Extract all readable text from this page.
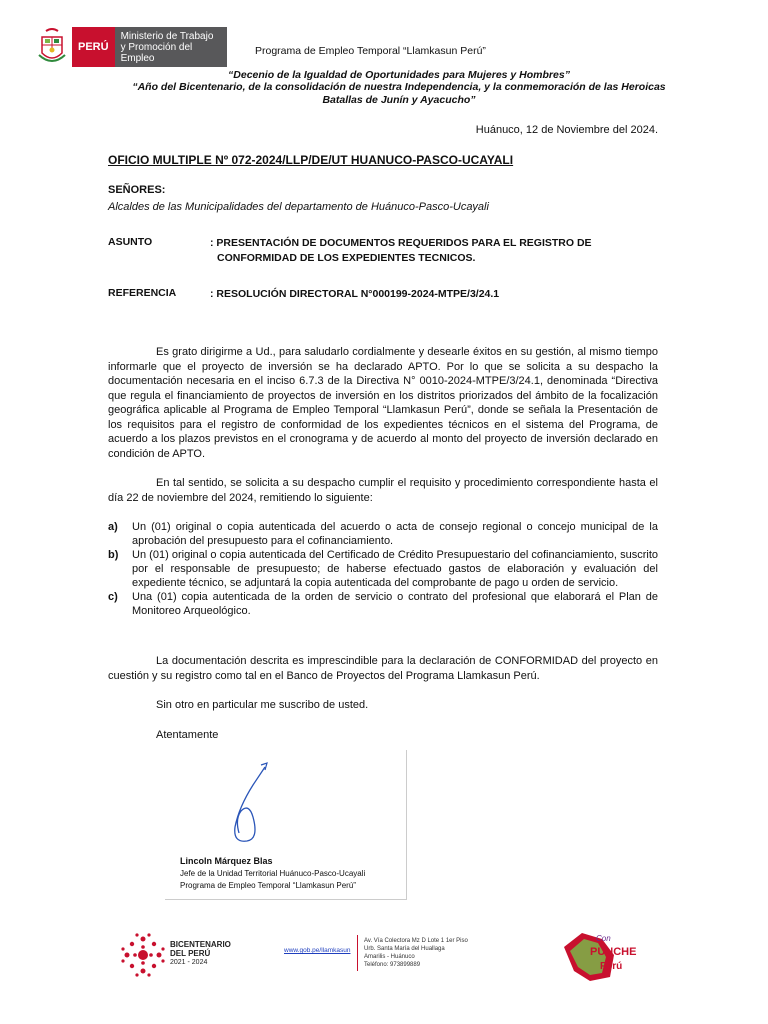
PERÚ
Ministerio de Trabajo
y Promoción del Empleo
Programa de Empleo Temporal “Llamkasun Perú”
“Decenio de la Igualdad de Oportunidades para Mujeres y Hombres”
“Año del Bicentenario, de la consolidación de nuestra Independencia, y la conmemoración de las Heroicas
Batallas de Junín y Ayacucho”
Huánuco, 12 de Noviembre del 2024.
OFICIO MULTIPLE Nº 072-2024/LLP/DE/UT HUANUCO-PASCO-UCAYALI
SEÑORES:
Alcaldes de las Municipalidades del departamento de Huánuco-Pasco-Ucayali
ASUNTO	: PRESENTACIÓN DE DOCUMENTOS REQUERIDOS PARA EL REGISTRO DE
CONFORMIDAD DE LOS EXPEDIENTES TECNICOS.
REFERENCIA	: RESOLUCIÓN DIRECTORAL N°000199-2024-MTPE/3/24.1
Es grato dirigirme a Ud., para saludarlo cordialmente y desearle éxitos en su gestión, al mismo tiempo informarle que el proyecto de inversión se ha declarado APTO. Por lo que se solicita a su despacho la documentación necesaria en el inciso 6.7.3 de la Directiva N° 0010-2024-MTPE/3/24.1, denominada “Directiva que regula el financiamiento de proyectos de inversión en los distritos priorizados del ámbito de la focalización geográfica aplicable al Programa de Empleo Temporal “Llamkasun Perú”, donde se señala la Presentación de los requisitos para el registro de conformidad de los expedientes técnicos en el sistema del Programa, de acuerdo a los plazos previstos en el cronograma y de acuerdo al monto del proyecto de inversión declarado en condición de APTO.
En tal sentido, se solicita a su despacho cumplir el requisito y procedimiento correspondiente hasta el día 22 de noviembre del 2024, remitiendo lo siguiente:
a)	Un (01) original o copia autenticada del acuerdo o acta de consejo regional o concejo municipal de la aprobación del presupuesto para el cofinanciamiento.
b)	Un (01) original o copia autenticada del Certificado de Crédito Presupuestario del cofinanciamiento, suscrito por el responsable de presupuesto; de haberse efectuado gastos de elaboración y evaluación del expediente técnico, se adjuntará la copia autenticada del comprobante de pago u orden de servicio.
c)	Una (01) copia autenticada de la orden de servicio o contrato del profesional que elaborará el Plan de Monitoreo Arqueológico.
La documentación descrita es imprescindible para la declaración de CONFORMIDAD del proyecto en cuestión y su registro como tal en el Banco de Proyectos del Programa Llamkasun Perú.
Sin otro en particular me suscribo de usted.
Atentamente
Lincoln Márquez Blas
Jefe de la Unidad Territorial Huánuco-Pasco-Ucayali
Programa de Empleo Temporal “Llamkasun Perú”
BICENTENARIO
DEL PERÚ
2021 - 2024
www.gob.pe/llamkasun
Av. Vía Colectora Mz D Lote 1 1er Piso
Urb. Santa María del Huallaga
Amarilis - Huánuco
Teléfono: 973899889
Con
PUNCHE
Perú
